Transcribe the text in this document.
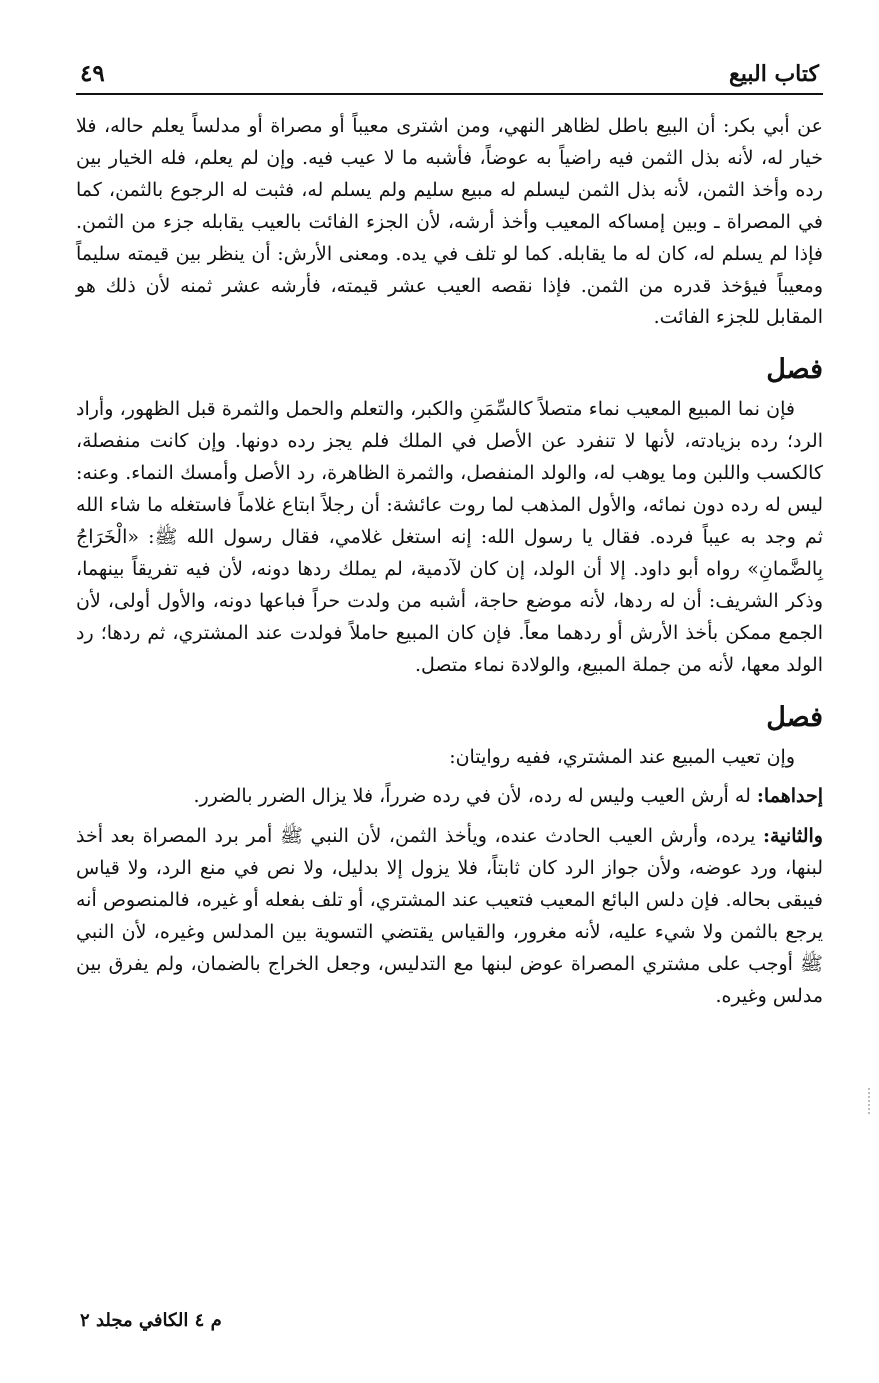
كتاب البيع
٤٩

عن أبي بكر: أن البيع باطل لظاهر النهي، ومن اشترى معيباً أو مصراة أو مدلساً يعلم حاله، فلا خيار له، لأنه بذل الثمن فيه راضياً به عوضاً، فأشبه ما لا عيب فيه. وإن لم يعلم، فله الخيار بين رده وأخذ الثمن، لأنه بذل الثمن ليسلم له مبيع سليم ولم يسلم له، فثبت له الرجوع بالثمن، كما في المصراة ـ وبين إمساكه المعيب وأخذ أرشه، لأن الجزء الفائت بالعيب يقابله جزء من الثمن. فإذا لم يسلم له، كان له ما يقابله. كما لو تلف في يده. ومعنى الأرش: أن ينظر بين قيمته سليماً ومعيباً فيؤخذ قدره من الثمن. فإذا نقصه العيب عشر قيمته، فأرشه عشر ثمنه لأن ذلك هو المقابل للجزء الفائت.

فصل

فإن نما المبيع المعيب نماء متصلاً كالسِّمَنِ والكبر، والتعلم والحمل والثمرة قبل الظهور، وأراد الرد؛ رده بزيادته، لأنها لا تنفرد عن الأصل في الملك فلم يجز رده دونها. وإن كانت منفصلة، كالكسب واللبن وما يوهب له، والولد المنفصل، والثمرة الظاهرة، رد الأصل وأمسك النماء. وعنه: ليس له رده دون نمائه، والأول المذهب لما روت عائشة: أن رجلاً ابتاع غلاماً فاستغله ما شاء الله ثم وجد به عيباً فرده. فقال يا رسول الله: إنه استغل غلامي، فقال رسول الله ﷺ: «الْخَرَاجُ بِالضَّمانِ» رواه أبو داود. إلا أن الولد، إن كان لآدمية، لم يملك ردها دونه، لأن فيه تفريقاً بينهما، وذكر الشريف: أن له ردها، لأنه موضع حاجة، أشبه من ولدت حراً فباعها دونه، والأول أولى، لأن الجمع ممكن بأخذ الأرش أو ردهما معاً. فإن كان المبيع حاملاً فولدت عند المشتري، ثم ردها؛ رد الولد معها، لأنه من جملة المبيع، والولادة نماء متصل.

فصل

وإن تعيب المبيع عند المشتري، ففيه روايتان:

إحداهما: له أرش العيب وليس له رده، لأن في رده ضرراً، فلا يزال الضرر بالضرر.

والثانية: يرده، وأرش العيب الحادث عنده، ويأخذ الثمن، لأن النبي ﷺ أمر برد المصراة بعد أخذ لبنها، ورد عوضه، ولأن جواز الرد كان ثابتاً، فلا يزول إلا بدليل، ولا نص في منع الرد، ولا قياس فيبقى بحاله. فإن دلس البائع المعيب فتعيب عند المشتري، أو تلف بفعله أو غيره، فالمنصوص أنه يرجع بالثمن ولا شيء عليه، لأنه مغرور، والقياس يقتضي التسوية بين المدلس وغيره، لأن النبي ﷺ أوجب على مشتري المصراة عوض لبنها مع التدليس، وجعل الخراج بالضمان، ولم يفرق بين مدلس وغيره.

م ٤ الكافي مجلد ٢
